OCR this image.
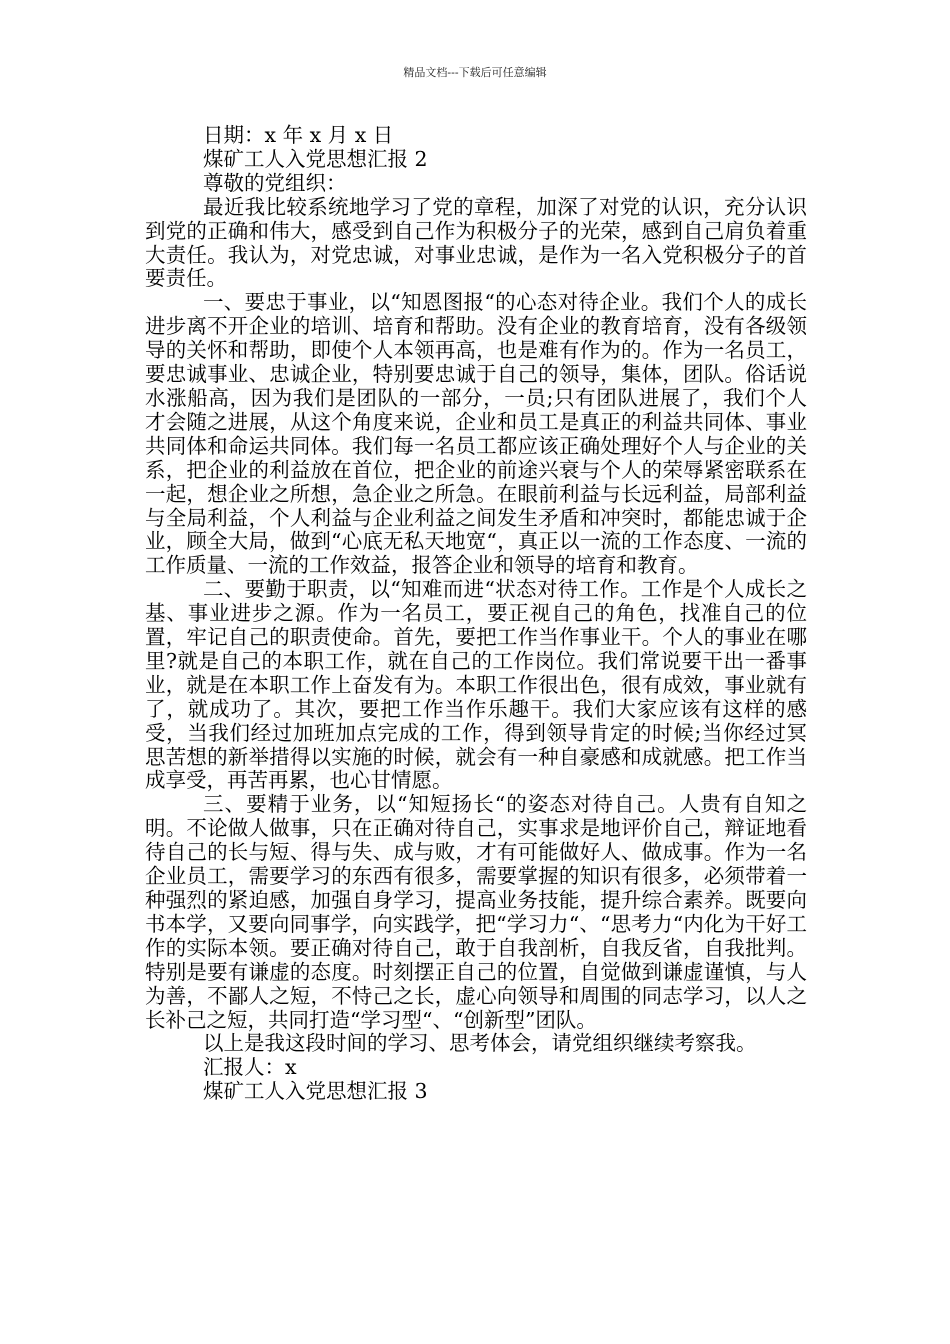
精品文档---下载后可任意编辑

日期：x 年 x 月 x 日

煤矿工人入党思想汇报 2

尊敬的党组织：

最近我比较系统地学习了党的章程，加深了对党的认识，充分认识到党的正确和伟大，感受到自己作为积极分子的光荣，感到自己肩负着重大责任。我认为，对党忠诚，对事业忠诚，是作为一名入党积极分子的首要责任。

一、要忠于事业，以“知恩图报“的心态对待企业。我们个人的成长进步离不开企业的培训、培育和帮助。没有企业的教育培育，没有各级领导的关怀和帮助，即使个人本领再高，也是难有作为的。作为一名员工，要忠诚事业、忠诚企业，特别要忠诚于自己的领导，集体，团队。俗话说水涨船高，因为我们是团队的一部分，一员;只有团队进展了，我们个人才会随之进展，从这个角度来说，企业和员工是真正的利益共同体、事业共同体和命运共同体。我们每一名员工都应该正确处理好个人与企业的关系，把企业的利益放在首位，把企业的前途兴衰与个人的荣辱紧密联系在一起，想企业之所想，急企业之所急。在眼前利益与长远利益，局部利益与全局利益，个人利益与企业利益之间发生矛盾和冲突时，都能忠诚于企业，顾全大局，做到“心底无私天地宽“，真正以一流的工作态度、一流的工作质量、一流的工作效益，报答企业和领导的培育和教育。

二、要勤于职责，以“知难而进“状态对待工作。工作是个人成长之基、事业进步之源。作为一名员工，要正视自己的角色，找准自己的位置，牢记自己的职责使命。首先，要把工作当作事业干。个人的事业在哪里?就是自己的本职工作，就在自己的工作岗位。我们常说要干出一番事业，就是在本职工作上奋发有为。本职工作很出色，很有成效，事业就有了，就成功了。其次，要把工作当作乐趣干。我们大家应该有这样的感受，当我们经过加班加点完成的工作，得到领导肯定的时候;当你经过冥思苦想的新举措得以实施的时候，就会有一种自豪感和成就感。把工作当成享受，再苦再累，也心甘情愿。

三、要精于业务，以“知短扬长“的姿态对待自己。人贵有自知之明。不论做人做事，只在正确对待自己，实事求是地评价自己，辩证地看待自己的长与短、得与失、成与败，才有可能做好人、做成事。作为一名企业员工，需要学习的东西有很多，需要掌握的知识有很多，必须带着一种强烈的紧迫感，加强自身学习，提高业务技能，提升综合素养。既要向书本学，又要向同事学，向实践学，把“学习力“、“思考力“内化为干好工作的实际本领。要正确对待自己，敢于自我剖析，自我反省，自我批判。特别是要有谦虚的态度。时刻摆正自己的位置，自觉做到谦虚谨慎，与人为善，不鄙人之短，不恃己之长，虚心向领导和周围的同志学习，以人之长补己之短，共同打造“学习型“、“创新型”团队。

以上是我这段时间的学习、思考体会，请党组织继续考察我。

汇报人：x

煤矿工人入党思想汇报 3
